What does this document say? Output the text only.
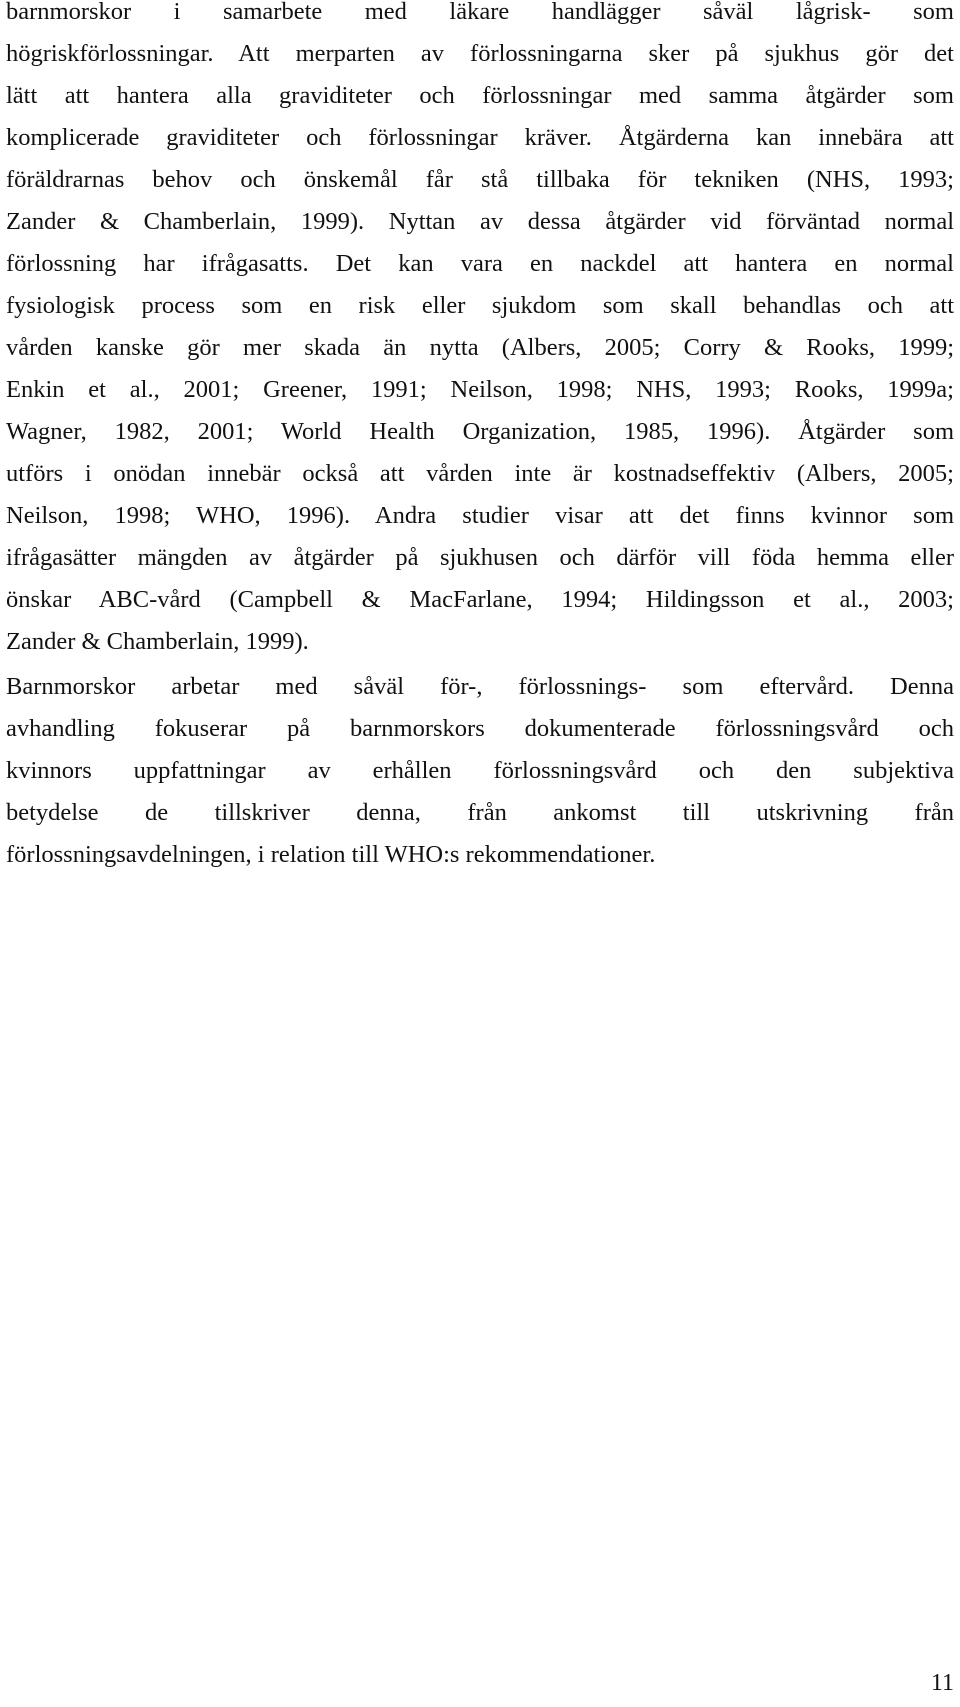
barnmorskor i samarbete med läkare handlägger såväl lågrisk- som
högriskförlossningar. Att merparten av förlossningarna sker på sjukhus gör det
lätt att hantera alla graviditeter och förlossningar med samma åtgärder som
komplicerade graviditeter och förlossningar kräver. Åtgärderna kan innebära att
föräldrarnas behov och önskemål får stå tillbaka för tekniken (NHS, 1993;
Zander & Chamberlain, 1999). Nyttan av dessa åtgärder vid förväntad normal
förlossning har ifrågasatts. Det kan vara en nackdel att hantera en normal
fysiologisk process som en risk eller sjukdom som skall behandlas och att
vården kanske gör mer skada än nytta (Albers, 2005; Corry & Rooks, 1999;
Enkin et al., 2001; Greener, 1991; Neilson, 1998; NHS, 1993; Rooks, 1999a;
Wagner, 1982, 2001; World Health Organization, 1985, 1996). Åtgärder som
utförs i onödan innebär också att vården inte är kostnadseffektiv (Albers, 2005;
Neilson, 1998; WHO, 1996). Andra studier visar att det finns kvinnor som
ifrågasätter mängden av åtgärder på sjukhusen och därför vill föda hemma eller
önskar ABC-vård (Campbell & MacFarlane, 1994; Hildingsson et al., 2003;
Zander & Chamberlain, 1999).
Barnmorskor arbetar med såväl för-, förlossnings- som eftervård. Denna
avhandling fokuserar på barnmorskors dokumenterade förlossningsvård och
kvinnors uppfattningar av erhållen förlossningsvård och den subjektiva
betydelse de tillskriver denna, från ankomst till utskrivning från
förlossningsavdelningen, i relation till WHO:s rekommendationer.
11
